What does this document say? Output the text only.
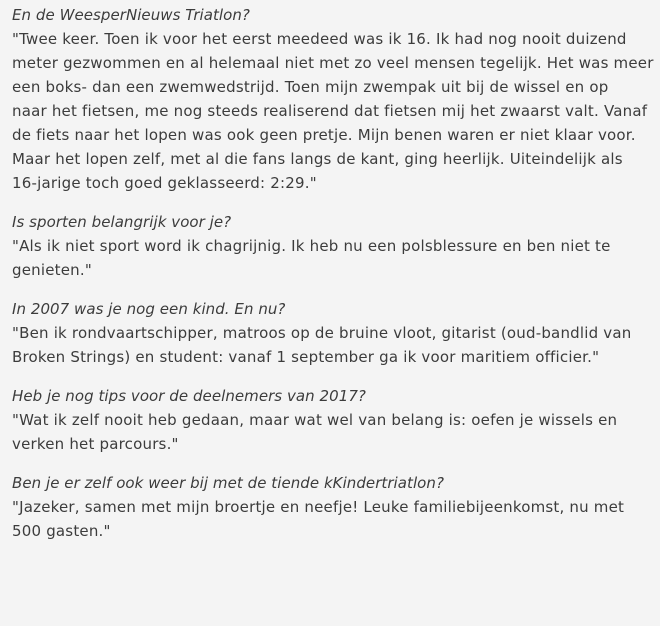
En de WeesperNieuws Triatlon?

"Twee keer. Toen ik voor het eerst meedeed was ik 16. Ik had nog nooit duizend
meter gezwommen en al helemaal niet met zo veel mensen tegelijk. Het was meer
een boks- dan een zwemwedstrijd. Toen mijn zwempak uit bij de wissel en op
naar het fietsen, me nog steeds realiserend dat fietsen mij het zwaarst valt. Vanaf
de fiets naar het lopen was ook geen pretje. Mijn benen waren er niet klaar voor.
Maar het lopen zelf, met al die fans langs de kant, ging heerlijk. Uiteindelijk als
16-jarige toch goed geklasseerd: 2:29."

Is sporten belangrijk voor je?

"Als ik niet sport word ik chagrijnig. Ik heb nu een polsblessure en ben niet te
genieten."

In 2007 was je nog een kind. En nu?

"Ben ik rondvaartschipper, matroos op de bruine vloot, gitarist (oud-bandlid van
Broken Strings) en student: vanaf 1 september ga ik voor maritiem officier."

Heb je nog tips voor de deelnemers van 2017?

"Wat ik zelf nooit heb gedaan, maar wat wel van belang is: oefen je wissels en
verken het parcours."

Ben je er zelf ook weer bij met de tiende kKindertriatlon?

"Jazeker, samen met mijn broertje en neefje! Leuke familiebijeenkomst, nu met
500 gasten."
